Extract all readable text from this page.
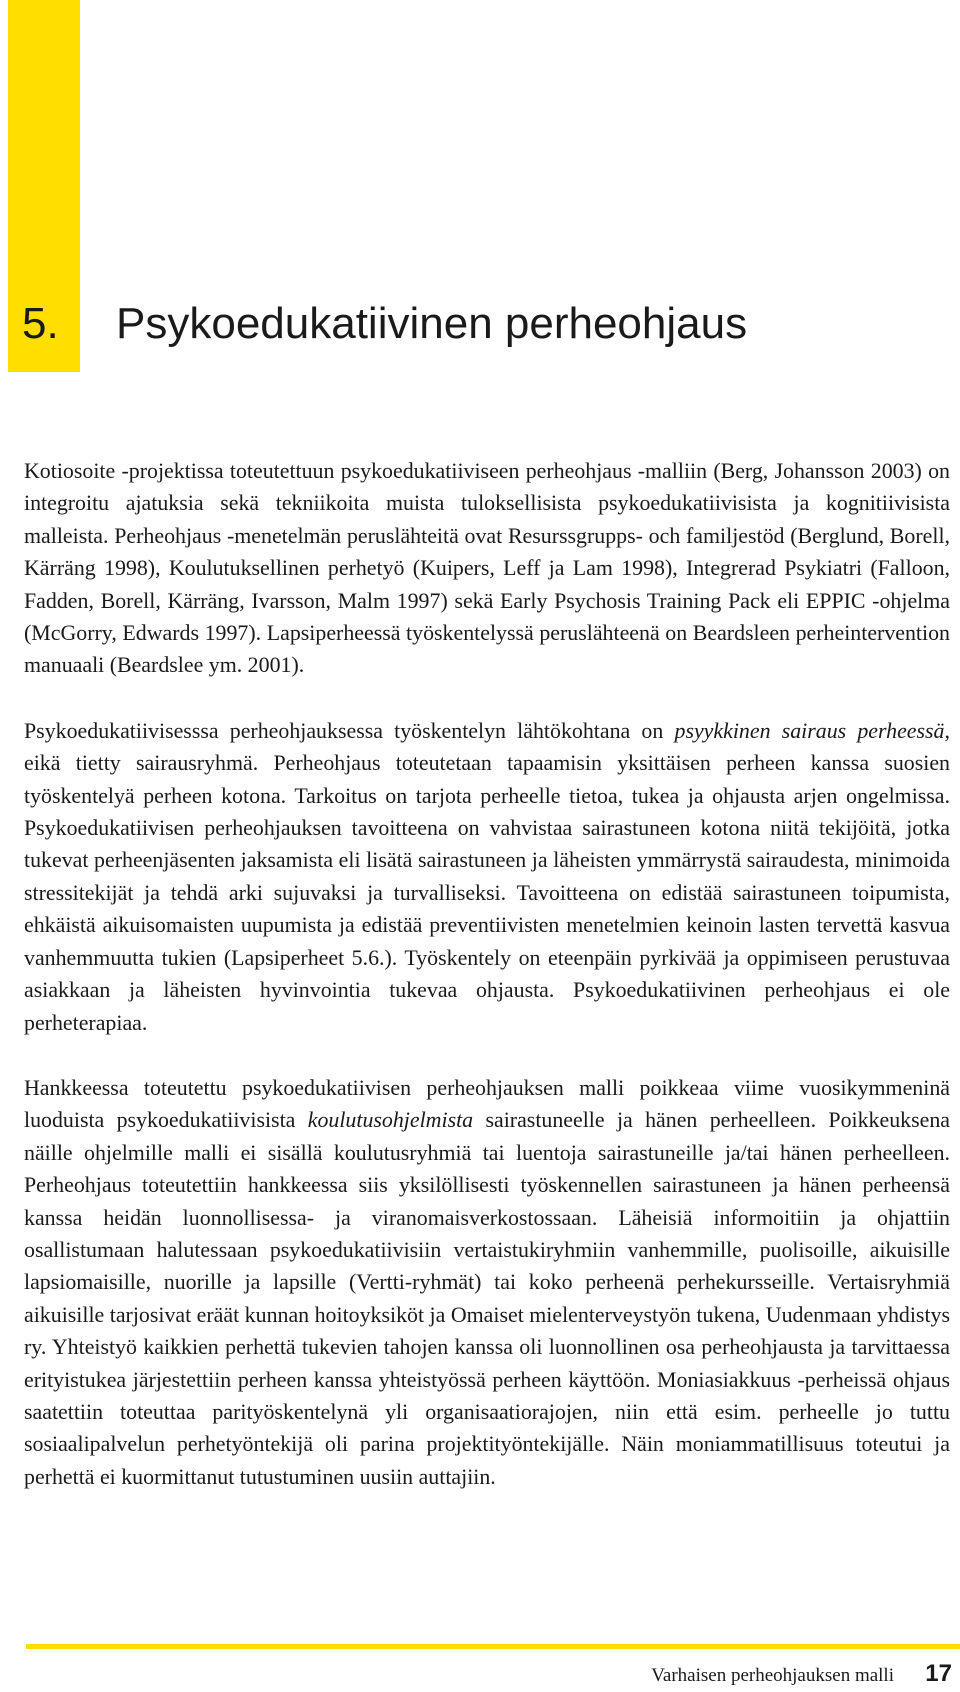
5. Psykoedukatiivinen perheohjaus

Kotiosoite -projektissa toteutettuun psykoedukatiiviseen perheohjaus -malliin (Berg, Johansson 2003) on integroitu ajatuksia sekä tekniikoita muista tuloksellisista psykoedukatiivisista ja kognitiivisista malleista. Perheohjaus -menetelmän peruslähteitä ovat Resurssgrupps- och familjestöd (Berglund, Borell, Kärräng 1998), Koulutuksellinen perhetyö (Kuipers, Leff ja Lam 1998), Integrerad Psykiatri (Falloon, Fadden, Borell, Kärräng, Ivarsson, Malm 1997) sekä Early Psychosis Training Pack eli EPPIC -ohjelma (McGorry, Edwards 1997). Lapsiperheessä työskentelyssä peruslähteenä on Beardsleen perheintervention manuaali (Beardslee ym. 2001).

Psykoedukatiivisesssa perheohjauksessa työskentelyn lähtökohtana on psyykkinen sairaus perheessä, eikä tietty sairausryhmä. Perheohjaus toteutetaan tapaamisin yksittäisen perheen kanssa suosien työskentelyä perheen kotona. Tarkoitus on tarjota perheelle tietoa, tukea ja ohjausta arjen ongelmissa. Psykoedukatiivisen perheohjauksen tavoitteena on vahvistaa sairastuneen kotona niitä tekijöitä, jotka tukevat perheenjäsenten jaksamista eli lisätä sairastuneen ja läheisten ymmärrystä sairaudesta, minimoida stressitekijät ja tehdä arki sujuvaksi ja turvalliseksi. Tavoitteena on edistää sairastuneen toipumista, ehkäistä aikuisomaisten uupumista ja edistää preventiivisten menetelmien keinoin lasten tervettä kasvua vanhemmuutta tukien (Lapsiperheet 5.6.). Työskentely on eteenpäin pyrkivää ja oppimiseen perustuvaa asiakkaan ja läheisten hyvinvointia tukevaa ohjausta. Psykoedukatiivinen perheohjaus ei ole perheterapiaa.

Hankkeessa toteutettu psykoedukatiivisen perheohjauksen malli poikkeaa viime vuosikymmeninä luoduista psykoedukatiivisista koulutusohjelmista sairastuneelle ja hänen perheelleen. Poikkeuksena näille ohjelmille malli ei sisällä koulutusryhmiä tai luentoja sairastuneille ja/tai hänen perheelleen. Perheohjaus toteutettiin hankkeessa siis yksilöllisesti työskennellen sairastuneen ja hänen perheensä kanssa heidän luonnollisessa- ja viranomaisverkostossaan. Läheisiä informoitiin ja ohjattiin osallistumaan halutessaan psykoedukatiivisiin vertaistukiryhmiin vanhemmille, puolisoille, aikuisille lapsiomaisille, nuorille ja lapsille (Vertti-ryhmät) tai koko perheenä perhekursseille. Vertaisryhmiä aikuisille tarjosivat eräät kunnan hoitoyksiköt ja Omaiset mielenterveystyön tukena, Uudenmaan yhdistys ry. Yhteistyö kaikkien perhettä tukevien tahojen kanssa oli luonnollinen osa perheohjausta ja tarvittaessa erityistukea järjestettiin perheen kanssa yhteistyössä perheen käyttöön. Moniasiakkuus -perheissä ohjaus saatettiin toteuttaa parityöskentelynä yli organisaatiorajojen, niin että esim. perheelle jo tuttu sosiaalipalvelun perhetyöntekijä oli parina projektityöntekijälle. Näin moniammatillisuus toteutui ja perhettä ei kuormittanut tutustuminen uusiin auttajiin.

Varhaisen perheohjauksen malli 17
